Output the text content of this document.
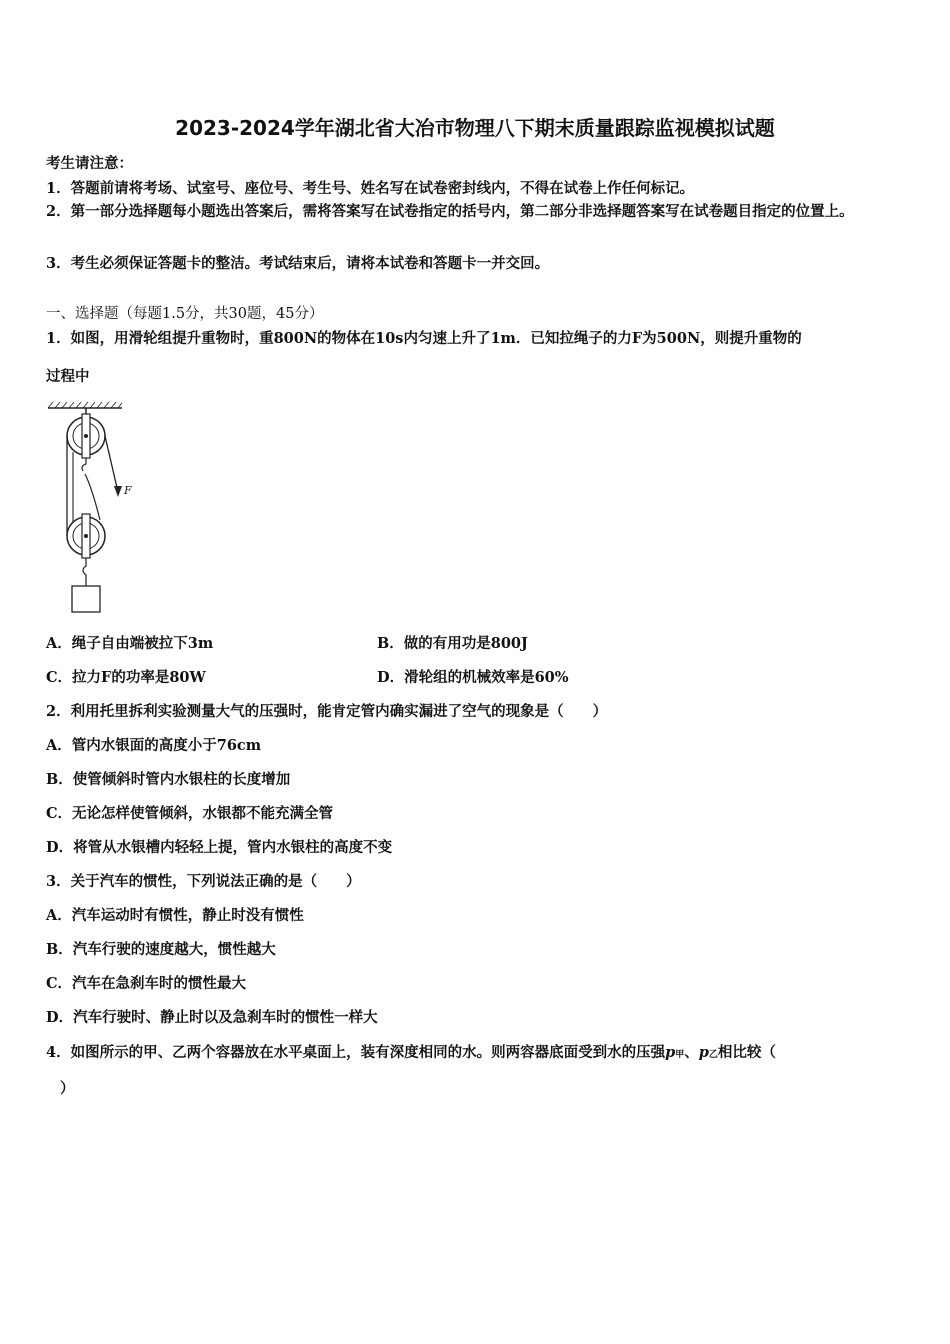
2023-2024学年湖北省大冶市物理八下期末质量跟踪监视模拟试题
考生请注意：
1．答题前请将考场、试室号、座位号、考生号、姓名写在试卷密封线内，不得在试卷上作任何标记。
2．第一部分选择题每小题选出答案后，需将答案写在试卷指定的括号内，第二部分非选择题答案写在试卷题目指定的位置上。
3．考生必须保证答题卡的整洁。考试结束后，请将本试卷和答题卡一并交回。
一、选择题（每题1.5分，共30题，45分）
1．如图，用滑轮组提升重物时，重800N的物体在10s内匀速上升了1m．已知拉绳子的力F为500N，则提升重物的
过程中
F
A．绳子自由端被拉下3m	B．做的有用功是800J
C．拉力F的功率是80W	D．滑轮组的机械效率是60%
2．利用托里拆利实验测量大气的压强时，能肯定管内确实漏进了空气的现象是（　　）
A．管内水银面的高度小于76cm
B．使管倾斜时管内水银柱的长度增加
C．无论怎样使管倾斜，水银都不能充满全管
D．将管从水银槽内轻轻上提，管内水银柱的高度不变
3．关于汽车的惯性，下列说法正确的是（　　）
A．汽车运动时有惯性，静止时没有惯性
B．汽车行驶的速度越大，惯性越大
C．汽车在急刹车时的惯性最大
D．汽车行驶时、静止时以及急刹车时的惯性一样大
4．如图所示的甲、乙两个容器放在水平桌面上，装有深度相同的水。则两容器底面受到水的压强p甲、p乙相比较（
）
